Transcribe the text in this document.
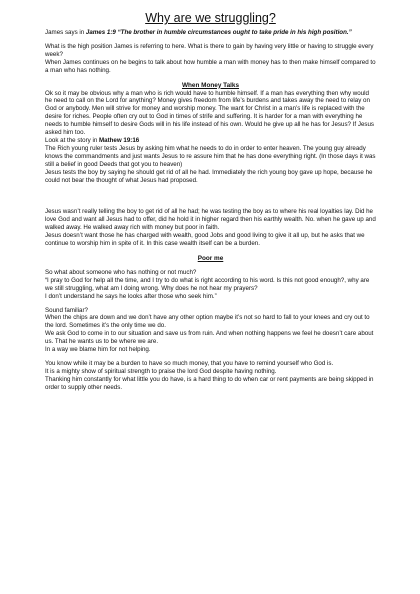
Why are we struggling?

James says in James 1:9 “The brother in humble circumstances ought to take pride in his high position.”

What is the high position James is referring to here. What is there to gain by having very little or having to struggle every week?

When James continues on he begins to talk about how humble a man with money has to then make himself compared to a man who has nothing.

When Money Talks

Ok so it may be obvious why a man who is rich would have to humble himself. If a man has everything then why would he need to call on the Lord for anything? Money gives freedom from life’s burdens and takes away the need to relay on God or anybody. Men will strive for money and worship money. The want for Christ in a man’s life is replaced with the desire for riches. People often cry out to God in times of strife and suffering. It is harder for a man with everything he needs to humble himself to desire Gods will in his life instead of his own. Would he give up all he has for Jesus? If Jesus asked him too.

Look at the story in Mathew 19:16

The Rich young ruler tests Jesus by asking him what he needs to do in order to enter heaven. The young guy already knows the commandments and just wants Jesus to re assure him that he has done everything right. (In those days it was still a belief in good Deeds that got you to heaven)

Jesus tests the boy by saying he should get rid of all he had. Immediately the rich young boy gave up hope, because he could not bear the thought of what Jesus had proposed.

Jesus wasn’t really telling the boy to get rid of all he had; he was testing the boy as to where his real loyalties lay. Did he love God and want all Jesus had to offer, did he hold it in higher regard then his earthly wealth. No. when he gave up and walked away. He walked away rich with money but poor in faith.

Jesus doesn’t want those he has charged with wealth, good Jobs and good living to give it all up, but he asks that we continue to worship him in spite of it. In this case wealth itself can be a burden.

Poor me

So what about someone who has nothing or not much?

“I pray to God for help all the time, and I try to do what is right according to his word. Is this not good enough?, why are we still struggling, what am I doing wrong. Why does he not hear my prayers?

I don’t understand he says he looks after those who seek him.”

Sound familiar?

When the chips are down and we don’t have any other option maybe it’s not so hard to fall to your knees and cry out to the lord. Sometimes it’s the only time we do.

We ask God to come in to our situation and save us from ruin. And when nothing happens we feel he doesn’t care about us. That he wants us to be where we are.

In a way we blame him for not helping.

You know while it may be a burden to have so much money, that you have to remind yourself who God is.

It is a mighty show of spiritual strength to praise the lord God despite having nothing.

Thanking him constantly for what little you do have, is a hard thing to do when car or rent payments are being skipped in order to supply other needs.
